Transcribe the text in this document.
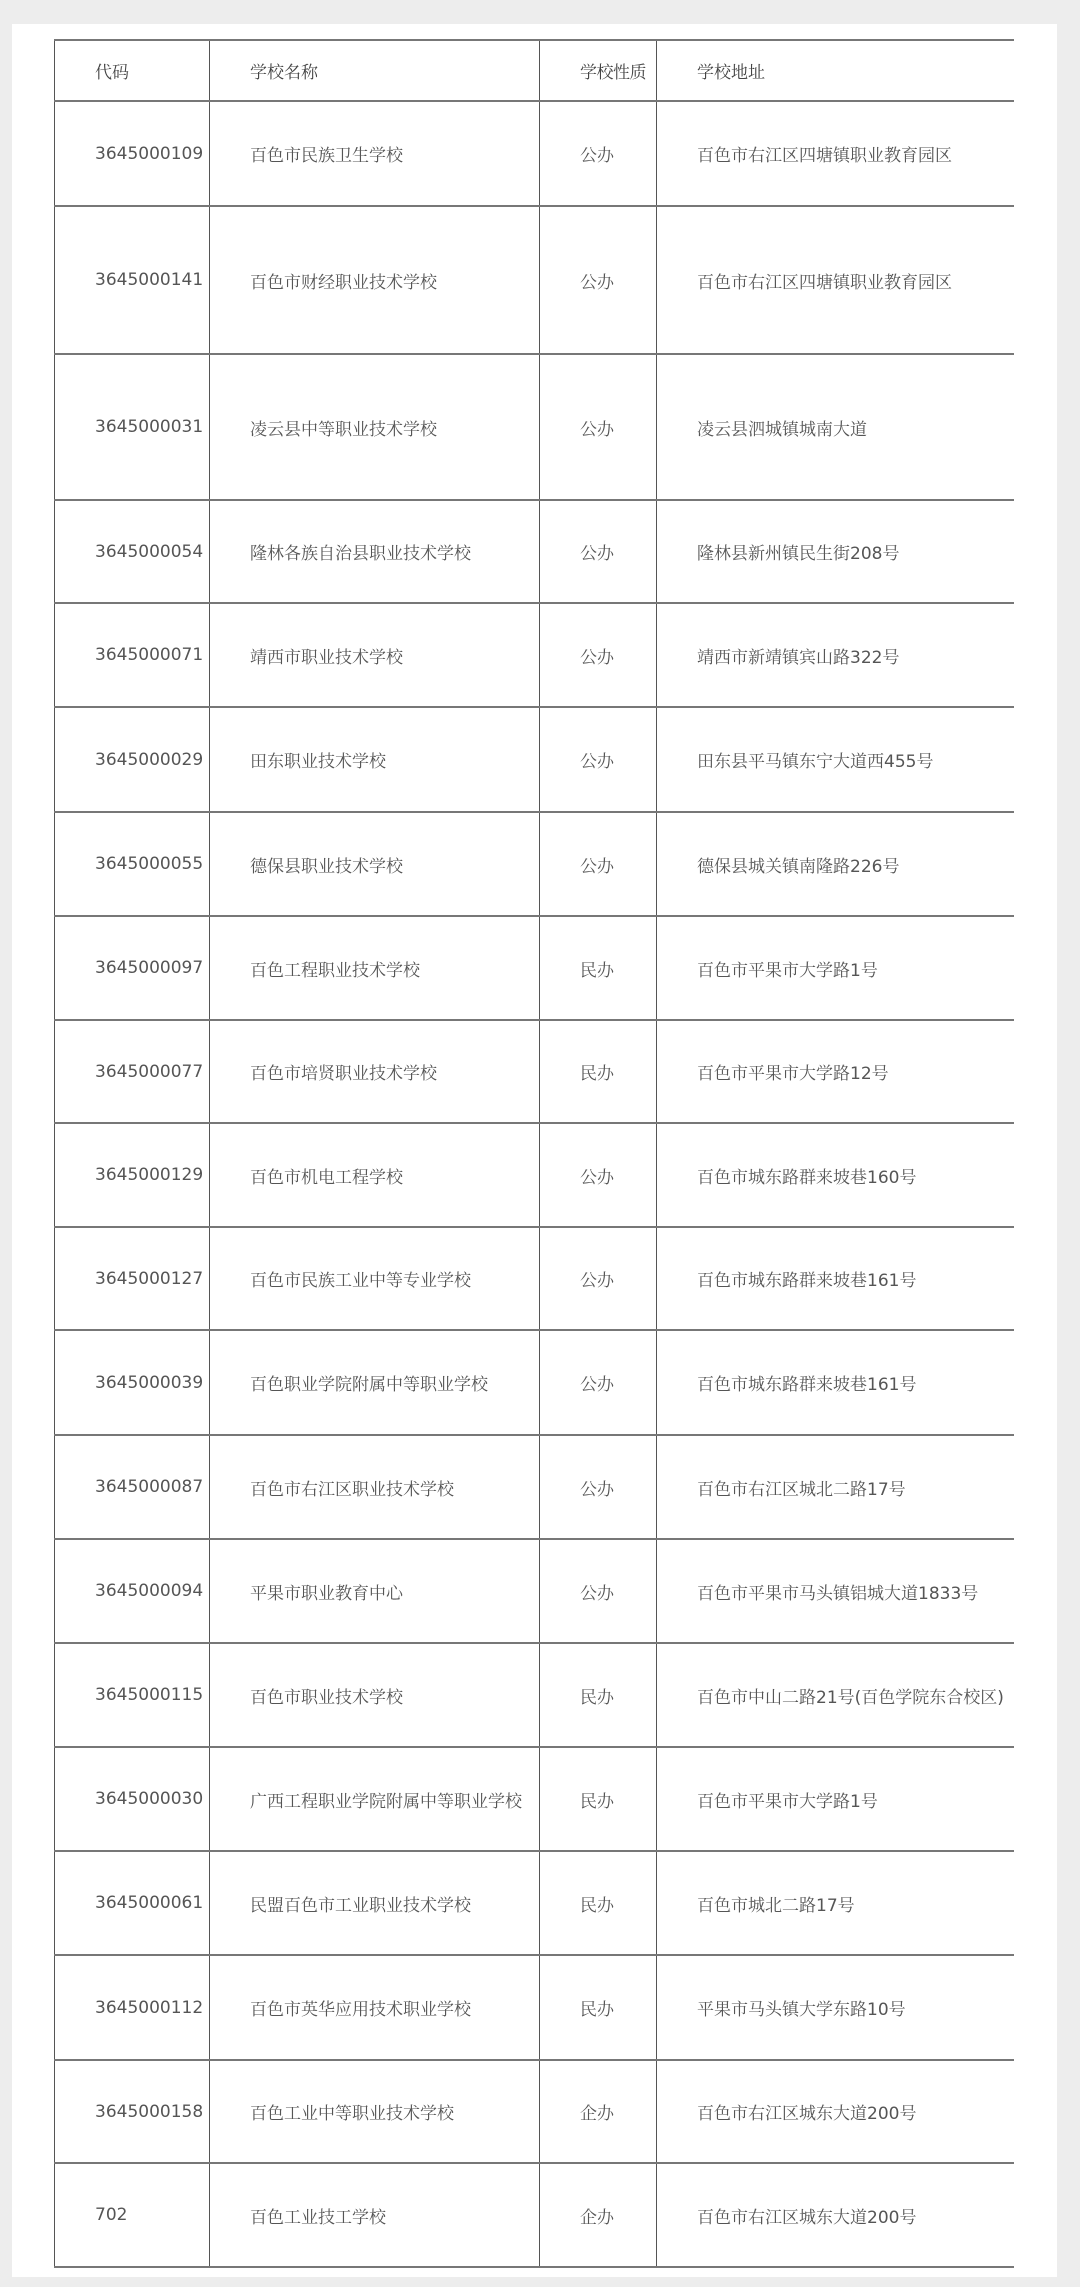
代码	学校名称	学校性质	学校地址
3645000109	百色市民族卫生学校	公办	百色市右江区四塘镇职业教育园区
3645000141	百色市财经职业技术学校	公办	百色市右江区四塘镇职业教育园区
3645000031	凌云县中等职业技术学校	公办	凌云县泗城镇城南大道
3645000054	隆林各族自治县职业技术学校	公办	隆林县新州镇民生街208号
3645000071	靖西市职业技术学校	公办	靖西市新靖镇宾山路322号
3645000029	田东职业技术学校	公办	田东县平马镇东宁大道西455号
3645000055	德保县职业技术学校	公办	德保县城关镇南隆路226号
3645000097	百色工程职业技术学校	民办	百色市平果市大学路1号
3645000077	百色市培贤职业技术学校	民办	百色市平果市大学路12号
3645000129	百色市机电工程学校	公办	百色市城东路群来坡巷160号
3645000127	百色市民族工业中等专业学校	公办	百色市城东路群来坡巷161号
3645000039	百色职业学院附属中等职业学校	公办	百色市城东路群来坡巷161号
3645000087	百色市右江区职业技术学校	公办	百色市右江区城北二路17号
3645000094	平果市职业教育中心	公办	百色市平果市马头镇铝城大道1833号
3645000115	百色市职业技术学校	民办	百色市中山二路21号(百色学院东合校区)
3645000030	广西工程职业学院附属中等职业学校	民办	百色市平果市大学路1号
3645000061	民盟百色市工业职业技术学校	民办	百色市城北二路17号
3645000112	百色市英华应用技术职业学校	民办	平果市马头镇大学东路10号
3645000158	百色工业中等职业技术学校	企办	百色市右江区城东大道200号
702	百色工业技工学校	企办	百色市右江区城东大道200号
